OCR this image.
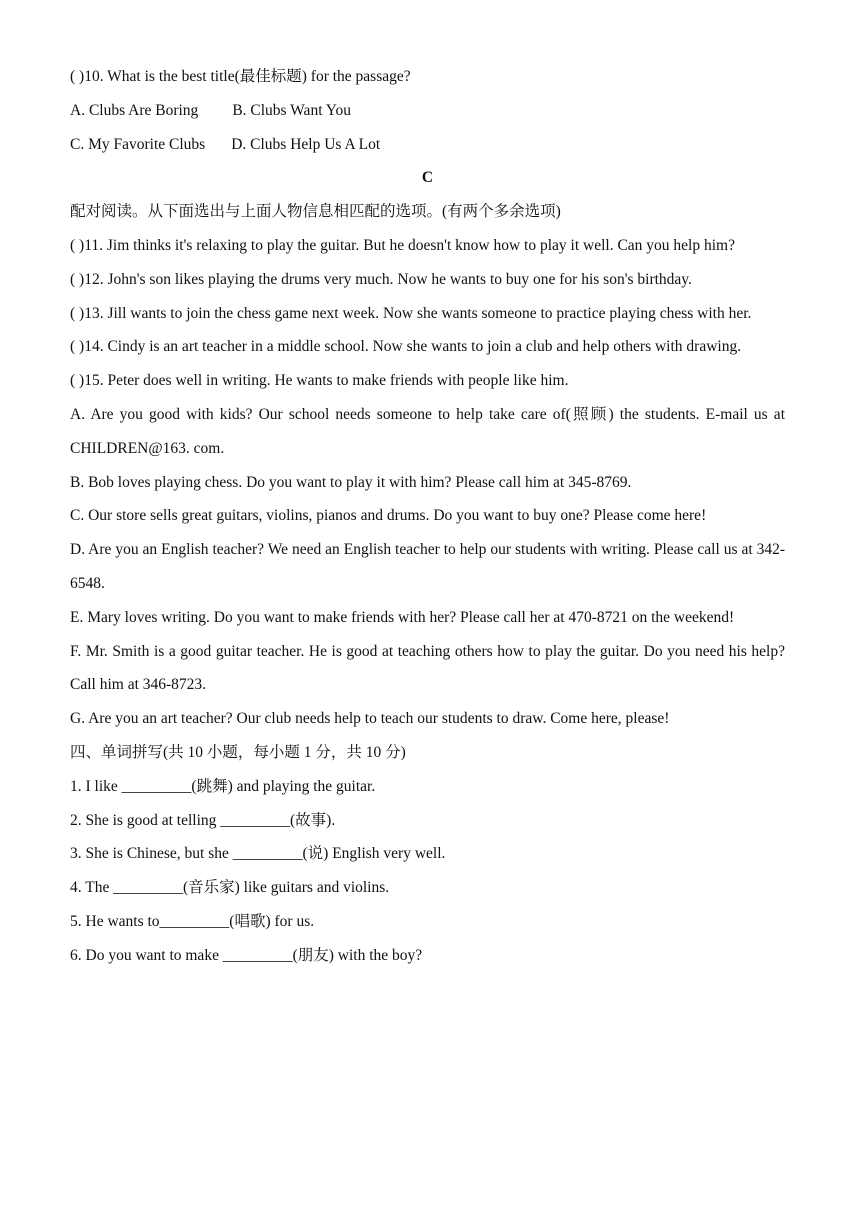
( )10. What is the best title(最佳标题) for the passage?

A. Clubs Are Boring B. Clubs Want You

C. My Favorite Clubs D. Clubs Help Us A Lot

C

配对阅读。从下面选出与上面人物信息相匹配的选项。(有两个多余选项)

( )11. Jim thinks it's relaxing to play the guitar. But he doesn't know how to play it well. Can you help him?

( )12. John's son likes playing the drums very much. Now he wants to buy one for his son's birthday.

( )13. Jill wants to join the chess game next week. Now she wants someone to practice playing chess with her.

( )14. Cindy is an art teacher in a middle school. Now she wants to join a club and help others with drawing.

( )15. Peter does well in writing. He wants to make friends with people like him.

A. Are you good with kids? Our school needs someone to help take care of(照顾) the students. E-mail us at CHILDREN@163. com.

B. Bob loves playing chess. Do you want to play it with him? Please call him at 345-8769.

C. Our store sells great guitars, violins, pianos and drums. Do you want to buy one? Please come here!

D. Are you an English teacher? We need an English teacher to help our students with writing. Please call us at 342-6548.

E. Mary loves writing. Do you want to make friends with her? Please call her at 470-8721 on the weekend!

F. Mr. Smith is a good guitar teacher. He is good at teaching others how to play the guitar. Do you need his help? Call him at 346-8723.

G. Are you an art teacher? Our club needs help to teach our students to draw. Come here, please!

四、单词拼写(共 10 小题，每小题 1 分，共 10 分)

1. I like _________(跳舞) and playing the guitar.

2. She is good at telling _________(故事).

3. She is Chinese, but she _________(说) English very well.

4. The _________(音乐家) like guitars and violins.

5. He wants to_________(唱歌) for us.

6. Do you want to make _________(朋友) with the boy?
